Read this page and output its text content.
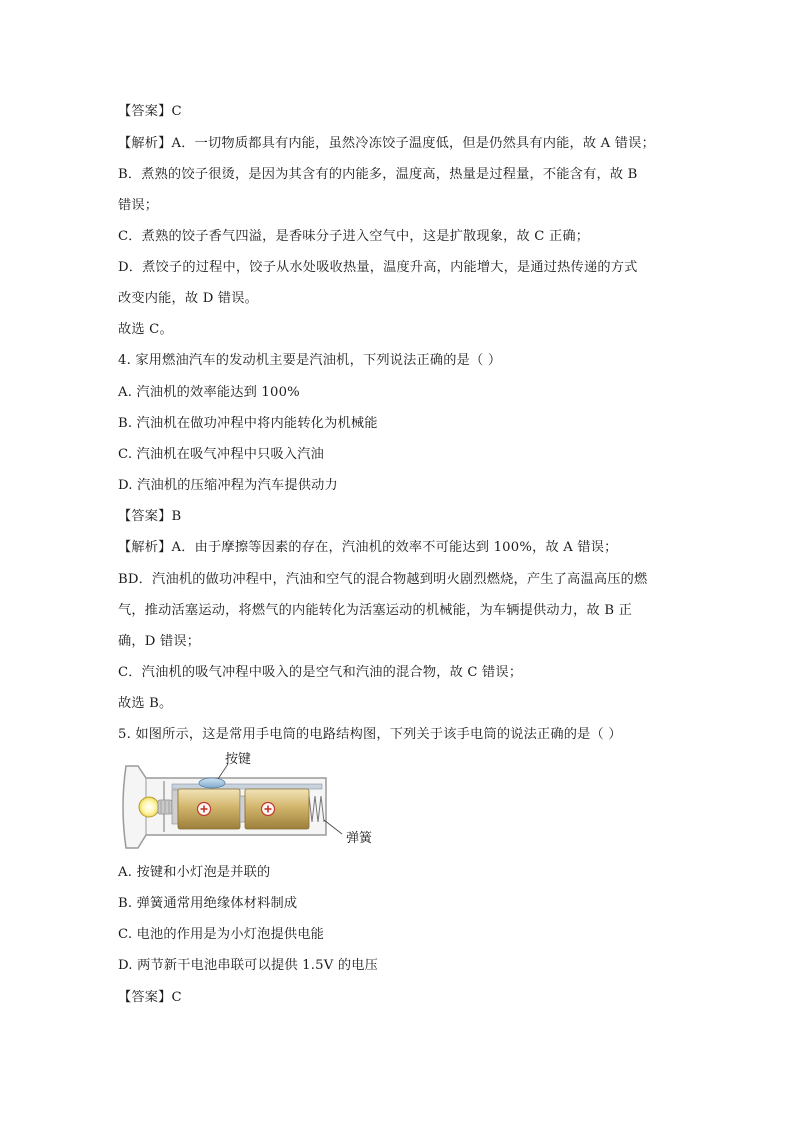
【答案】C
【解析】A．一切物质都具有内能，虽然冷冻饺子温度低，但是仍然具有内能，故 A 错误；
B．煮熟的饺子很烫，是因为其含有的内能多，温度高，热量是过程量，不能含有，故 B
错误；
C．煮熟的饺子香气四溢，是香味分子进入空气中，这是扩散现象，故 C 正确；
D．煮饺子的过程中，饺子从水处吸收热量，温度升高，内能增大，是通过热传递的方式
改变内能，故 D 错误。
故选 C。
4. 家用燃油汽车的发动机主要是汽油机，下列说法正确的是（ ）
A. 汽油机的效率能达到 100%
B. 汽油机在做功冲程中将内能转化为机械能
C. 汽油机在吸气冲程中只吸入汽油
D. 汽油机的压缩冲程为汽车提供动力
【答案】B
【解析】A．由于摩擦等因素的存在，汽油机的效率不可能达到 100%，故 A 错误；
BD．汽油机的做功冲程中，汽油和空气的混合物越到明火剧烈燃烧，产生了高温高压的燃
气，推动活塞运动，将燃气的内能转化为活塞运动的机械能，为车辆提供动力，故 B 正
确，D 错误；
C．汽油机的吸气冲程中吸入的是空气和汽油的混合物，故 C 错误；
故选 B。
5. 如图所示，这是常用手电筒的电路结构图，下列关于该手电筒的说法正确的是（ ）
按键
弹簧
A. 按键和小灯泡是并联的
B. 弹簧通常用绝缘体材料制成
C. 电池的作用是为小灯泡提供电能
D. 两节新干电池串联可以提供 1.5V 的电压
【答案】C
